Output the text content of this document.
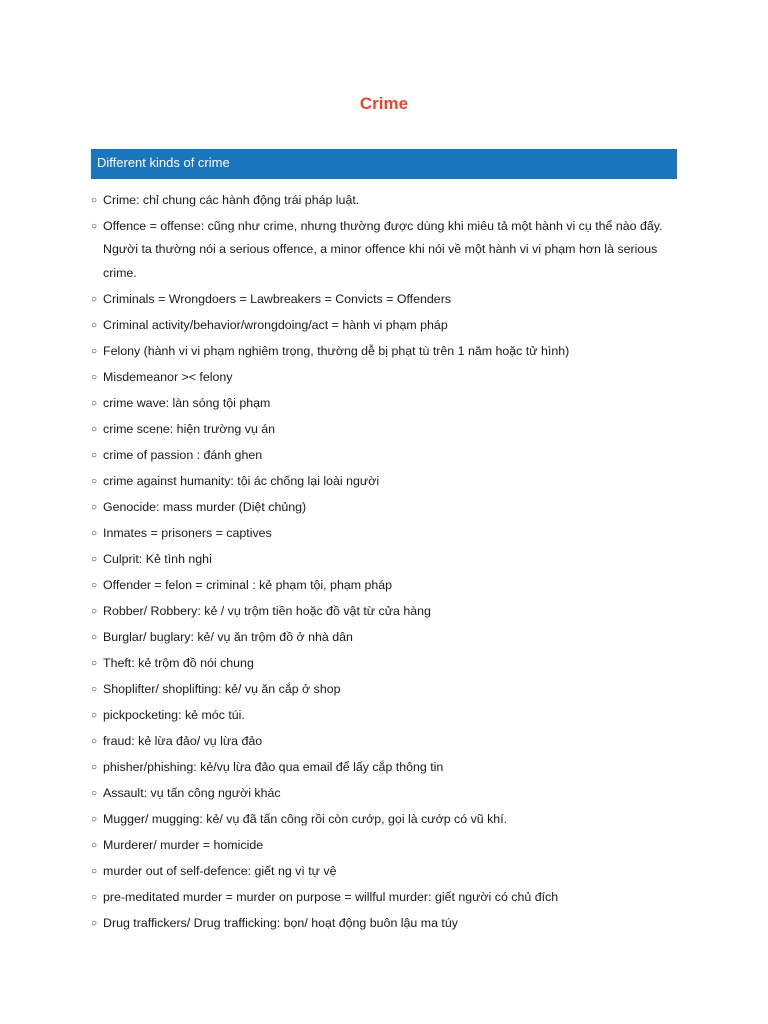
Crime
Different kinds of crime
○ Crime: chỉ chung các hành động trái pháp luật.
○ Offence = offense: cũng như crime, nhưng thường được dùng khi miêu tả một hành vi cụ thể nào đấy. Người ta thường nói a serious offence, a minor offence khi nói về một hành vi vi phạm hơn là serious crime.
○ Criminals = Wrongdoers = Lawbreakers = Convicts = Offenders
○ Criminal activity/behavior/wrongdoing/act = hành vi phạm pháp
○ Felony (hành vi vi phạm nghiêm trọng, thường dễ bị phạt tù trên 1 năm hoặc tử hình)
○ Misdemeanor >< felony
○ crime wave: làn sóng tội phạm
○ crime scene: hiện trường vụ án
○ crime of passion : đánh ghen
○ crime against humanity: tội ác chống lại loài người
○ Genocide: mass murder (Diệt chủng)
○ Inmates = prisoners = captives
○ Culprit: Kẻ tình nghi
○ Offender = felon = criminal : kẻ phạm tội, phạm pháp
○ Robber/ Robbery: kẻ / vụ trộm tiền hoặc đồ vật từ cửa hàng
○ Burglar/ buglary: kẻ/ vụ ăn trộm đồ ở nhà dân
○ Theft: kẻ trộm đồ nói chung
○ Shoplifter/ shoplifting: kẻ/ vụ ăn cắp ở shop
○ pickpocketing: kẻ móc túi.
○ fraud: kẻ lừa đảo/ vụ lừa đảo
○ phisher/phishing: kẻ/vụ lừa đảo qua email để lấy cắp thông tin
○ Assault: vụ tấn công người khác
○ Mugger/ mugging: kẻ/ vụ đã tấn công rồi còn cướp, gọi là cướp có vũ khí.
○ Murderer/ murder = homicide
○ murder out of self-defence: giết ng vì tự vệ
○ pre-meditated murder = murder on purpose = willful murder: giết người có chủ đích
○ Drug traffickers/ Drug trafficking: bọn/ hoạt động buôn lậu ma túy
